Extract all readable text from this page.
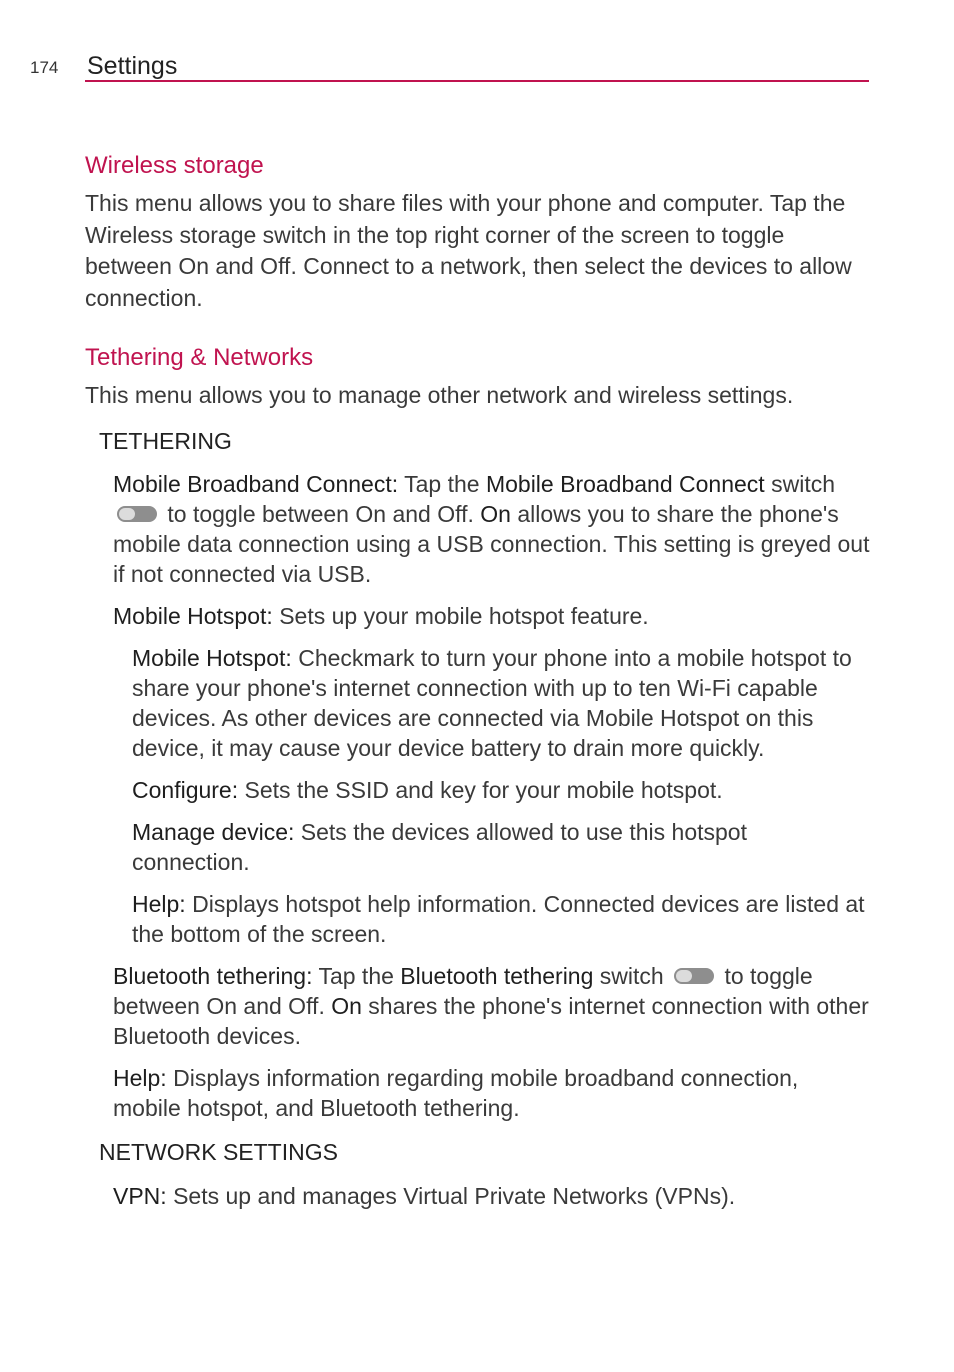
174 Settings
Wireless storage

This menu allows you to share files with your phone and computer. Tap the Wireless storage switch in the top right corner of the screen to toggle between On and Off. Connect to a network, then select the devices to allow connection.

Tethering & Networks

This menu allows you to manage other network and wireless settings.

TETHERING
Mobile Broadband Connect: Tap the Mobile Broadband Connect switch
to toggle between On and Off. On allows you to share the phone's mobile data connection using a USB connection. This setting is greyed out if not connected via USB.
Mobile Hotspot: Sets up your mobile hotspot feature.
Mobile Hotspot: Checkmark to turn your phone into a mobile hotspot to share your phone's internet connection with up to ten Wi-Fi capable devices. As other devices are connected via Mobile Hotspot on this device, it may cause your device battery to drain more quickly.
Configure: Sets the SSID and key for your mobile hotspot.
Manage device: Sets the devices allowed to use this hotspot connection.
Help: Displays hotspot help information. Connected devices are listed at the bottom of the screen.
Bluetooth tethering: Tap the Bluetooth tethering switch
to toggle between On and Off. On shares the phone's internet connection with other Bluetooth devices.
Help: Displays information regarding mobile broadband connection, mobile hotspot, and Bluetooth tethering.
NETWORK SETTINGS
VPN: Sets up and manages Virtual Private Networks (VPNs).
